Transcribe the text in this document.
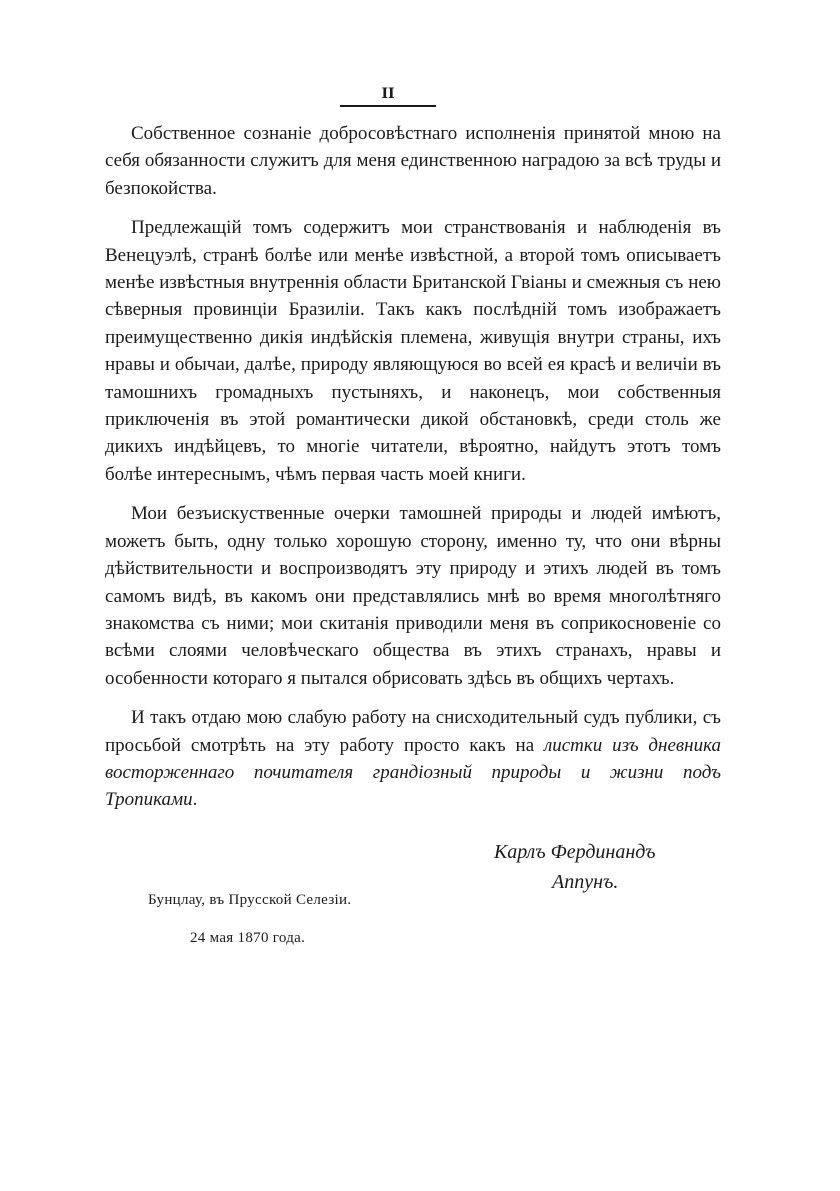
II

Собственное сознаніе добросовѣстнаго исполненія принятой мною на себя обязанности служитъ для меня единственною наградою за всѣ труды и безпокойства.

Предлежащій томъ содержитъ мои странствованія и наблюденія въ Венецуэлѣ, странѣ болѣе или менѣе извѣстной, а второй томъ описываетъ менѣе извѣстныя внутреннія области Британской Гвіаны и смежныя съ нею сѣверныя провинціи Бразиліи. Такъ какъ послѣдній томъ изображаетъ преимущественно дикія индѣйскія племена, живущія внутри страны, ихъ нравы и обычаи, далѣе, природу являющуюся во всей ея красѣ и величіи въ тамошнихъ громадныхъ пустыняхъ, и наконецъ, мои собственныя приключенія въ этой романтически дикой обстановкѣ, среди столь же дикихъ индѣйцевъ, то многіе читатели, вѣроятно, найдутъ этотъ томъ болѣе интереснымъ, чѣмъ первая часть моей книги.

Мои безъискуственные очерки тамошней природы и людей имѣютъ, можетъ быть, одну только хорошую сторону, именно ту, что они вѣрны дѣйствительности и воспроизводятъ эту природу и этихъ людей въ томъ самомъ видѣ, въ какомъ они представлялись мнѣ во время многолѣтняго знакомства съ ними; мои скитанія приводили меня въ соприкосновеніе со всѣми слоями человѣческаго общества въ этихъ странахъ, нравы и особенности котораго я пытался обрисовать здѣсь въ общихъ чертахъ.

И такъ отдаю мою слабую работу на снисходительный судъ публики, съ просьбой смотрѣть на эту работу просто какъ на листки изъ дневника восторженнаго почитателя грандіозный природы и жизни подъ Тропиками.

Карлъ Фердинандъ
Аппунъ.
Бунцлау, въ Прусской Селезіи.
24 мая 1870 года.
